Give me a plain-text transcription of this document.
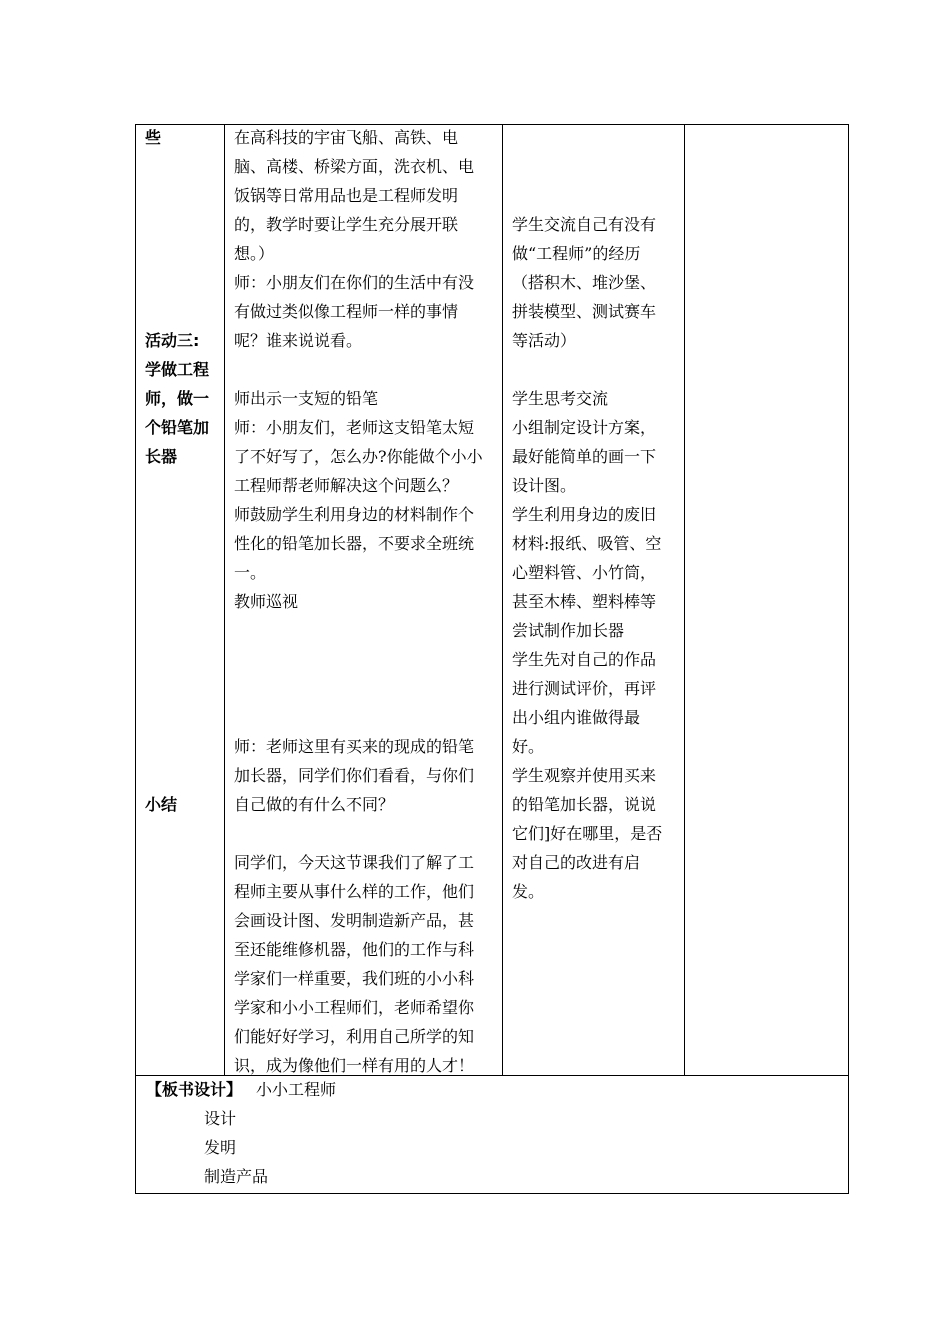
些
活动三:
学做工程
师，做一
个铅笔加
长器
小结
在高科技的宇宙飞船、高铁、电
脑、高楼、桥梁方面，洗衣机、电
饭锅等日常用品也是工程师发明
的，教学时要让学生充分展开联
想。）
师：小朋友们在你们的生活中有没
有做过类似像工程师一样的事情
呢？谁来说说看。
师出示一支短的铅笔
师：小朋友们，老师这支铅笔太短
了不好写了，怎么办?你能做个小小
工程师帮老师解决这个问题么？
师鼓励学生利用身边的材料制作个
性化的铅笔加长器，不要求全班统
一。
教师巡视
师：老师这里有买来的现成的铅笔
加长器，同学们你们看看，与你们
自己做的有什么不同？
同学们，今天这节课我们了解了工
程师主要从事什么样的工作，他们
会画设计图、发明制造新产品，甚
至还能维修机器，他们的工作与科
学家们一样重要，我们班的小小科
学家和小小工程师们，老师希望你
们能好好学习，利用自己所学的知
识，成为像他们一样有用的人才！
学生交流自己有没有
做“工程师”的经历
（搭积木、堆沙堡、
拼装模型、测试赛车
等活动）
学生思考交流
小组制定设计方案，
最好能简单的画一下
设计图。
学生利用身边的废旧
材料:报纸、吸管、空
心塑料管、小竹筒，
甚至木棒、塑料棒等
尝试制作加长器
学生先对自己的作品
进行测试评价，再评
出小组内谁做得最
好。
学生观察并使用买来
的铅笔加长器，说说
它们]好在哪里，是否
对自己的改进有启
发。
【板书设计】 小小工程师
设计
发明
制造产品
